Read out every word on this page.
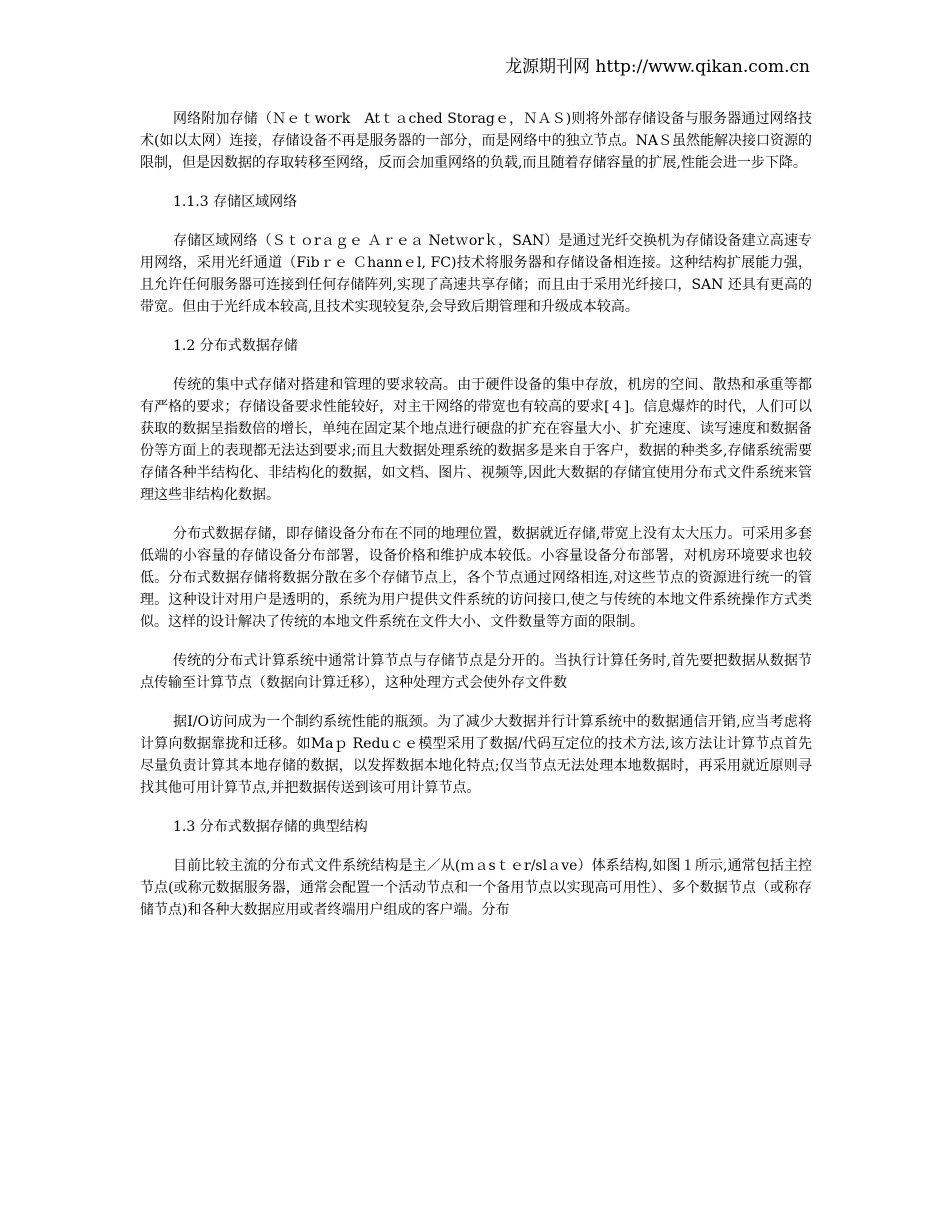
龙源期刊网 http://www.qikan.com.cn

网络附加存储（Ｎｅｔwork　Atｔａched Storagｅ，ＮＡＳ)则将外部存储设备与服务器通过网络技术(如以太网）连接，存储设备不再是服务器的一部分，而是网络中的独立节点。NAＳ虽然能解决接口资源的限制，但是因数据的存取转移至网络，反而会加重网络的负载,而且随着存储容量的扩展,性能会进一步下降。

1.1.3 存储区域网络

存储区域网络（Ｓｔｏrａｇｅ Ａｒｅａ Netｗorｋ，SAN）是通过光纤交换机为存储设备建立高速专用网络，采用光纤通道（Fibｒｅ Ｃhannｅl, FC)技术将服务器和存储设备相连接。这种结构扩展能力强，且允许任何服务器可连接到任何存储阵列,实现了高速共享存储；而且由于采用光纤接口，SAN 还具有更高的带宽。但由于光纤成本较高,且技术实现较复杂,会导致后期管理和升级成本较高。

1.2 分布式数据存储

传统的集中式存储对搭建和管理的要求较高。由于硬件设备的集中存放，机房的空间、散热和承重等都有严格的要求；存储设备要求性能较好，对主干网络的带宽也有较高的要求[４]。信息爆炸的时代，人们可以获取的数据呈指数倍的增长，单纯在固定某个地点进行硬盘的扩充在容量大小、扩充速度、读写速度和数据备份等方面上的表现都无法达到要求;而且大数据处理系统的数据多是来自于客户，数据的种类多,存储系统需要存储各种半结构化、非结构化的数据，如文档、图片、视频等,因此大数据的存储宜使用分布式文件系统来管理这些非结构化数据。

分布式数据存储，即存储设备分布在不同的地理位置，数据就近存储,带宽上没有太大压力。可采用多套低端的小容量的存储设备分布部署，设备价格和维护成本较低。小容量设备分布部署，对机房环境要求也较低。分布式数据存储将数据分散在多个存储节点上，各个节点通过网络相连,对这些节点的资源进行统一的管理。这种设计对用户是透明的，系统为用户提供文件系统的访问接口,使之与传统的本地文件系统操作方式类似。这样的设计解决了传统的本地文件系统在文件大小、文件数量等方面的限制。

传统的分布式计算系统中通常计算节点与存储节点是分开的。当执行计算任务时,首先要把数据从数据节点传输至计算节点（数据向计算迁移），这种处理方式会使外存文件数

据I/O访问成为一个制约系统性能的瓶颈。为了减少大数据并行计算系统中的数据通信开销,应当考虑将计算向数据靠拢和迁移。如Maｐ Reduｃｅ模型采用了数据/代码互定位的技术方法,该方法让计算节点首先尽量负责计算其本地存储的数据，以发挥数据本地化特点;仅当节点无法处理本地数据时，再采用就近原则寻找其他可用计算节点,并把数据传送到该可用计算节点。

1.3 分布式数据存储的典型结构

目前比较主流的分布式文件系统结构是主／从(ｍａsｔｅr/slａve）体系结构,如图１所示,通常包括主控节点(或称元数据服务器，通常会配置一个活动节点和一个备用节点以实现高可用性）、多个数据节点（或称存储节点)和各种大数据应用或者终端用户组成的客户端。分布
